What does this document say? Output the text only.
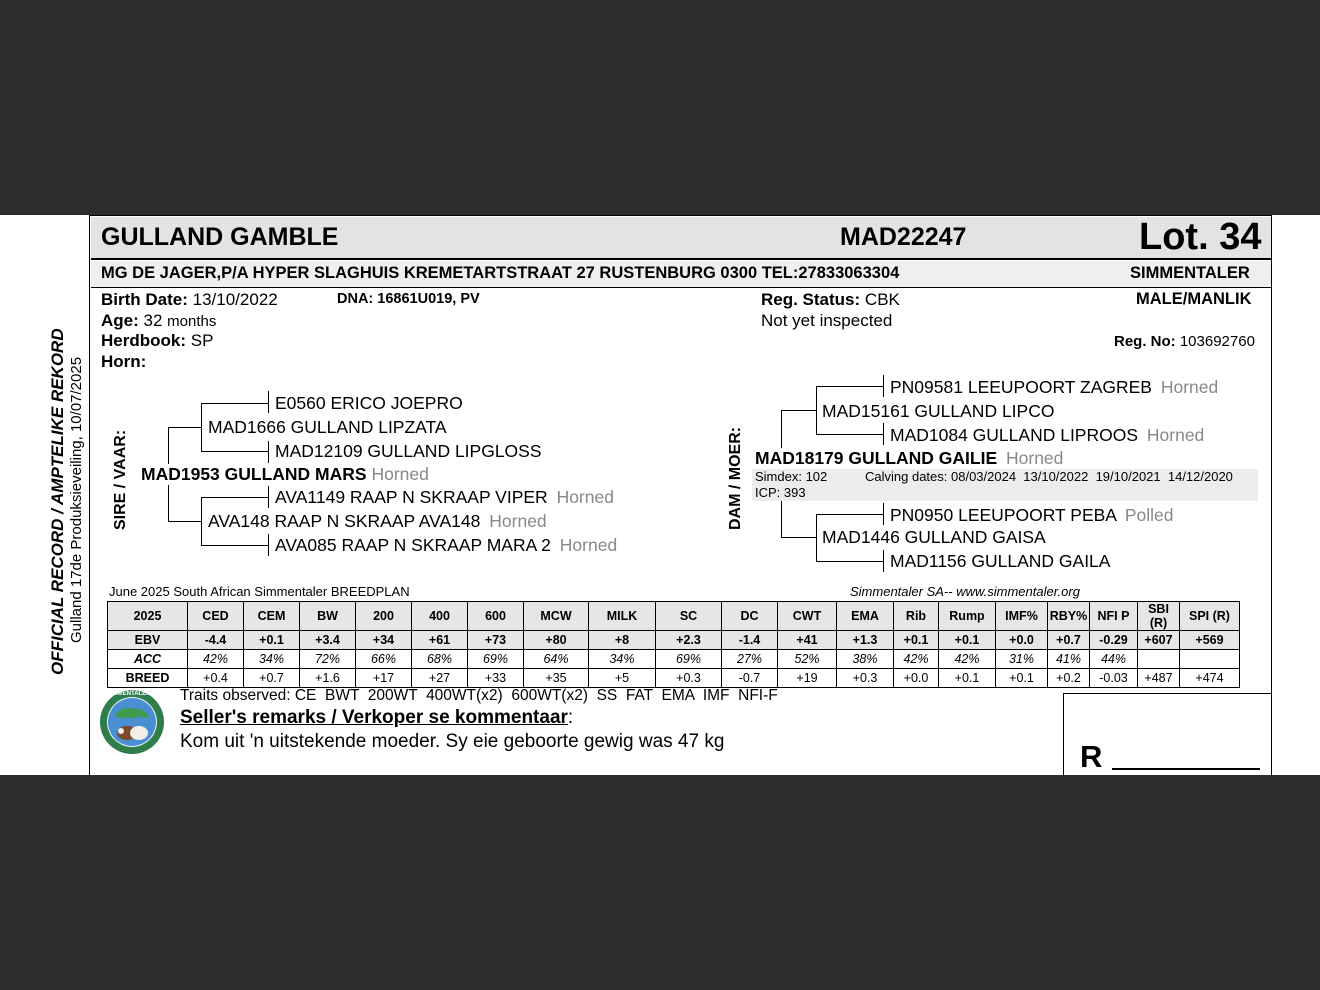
GULLAND GAMBLE	MAD22247	Lot. 34
MG DE JAGER,P/A HYPER SLAGHUIS KREMETARTSTRAAT 27 RUSTENBURG 0300 TEL:27833063304	SIMMENTALER
Birth Date: 13/10/2022	DNA: 16861U019, PV
Age: 32 months
Herdbook: SP
Horn:
Reg. Status: CBK
Not yet inspected
MALE/MANLIK
Reg. No: 103692760
OFFICIAL RECORD / AMPTELIKE REKORD Gulland 17de Produksieveiling, 10/07/2025 SIRE / VAAR:
E0560 ERICO JOEPRO
MAD1666 GULLAND LIPZATA
MAD12109 GULLAND LIPGLOSS
MAD1953 GULLAND MARS Horned
AVA1149 RAAP N SKRAAP VIPER Horned
AVA148 RAAP N SKRAAP AVA148 Horned
AVA085 RAAP N SKRAAP MARA 2 Horned
DAM / MOER:
PN09581 LEEUPOORT ZAGREB Horned
MAD15161 GULLAND LIPCO
MAD1084 GULLAND LIPROOS Horned
MAD18179 GULLAND GAILIE Horned
Simdex: 102
ICP: 393
Calving dates: 08/03/2024  13/10/2022  19/10/2021  14/12/2020
PN0950 LEEUPOORT PEBA Polled
MAD1446 GULLAND GAISA
MAD1156 GULLAND GAILA
June 2025 South African Simmentaler BREEDPLAN	Simmentaler SA-- www.simmentaler.org
2025	CED	CEM	BW	200	400	600	MCW	MILK	SC	DC	CWT	EMA	Rib	Rump	IMF%	RBY%	NFI P	SBI (R)	SPI (R)
EBV	-4.4	+0.1	+3.4	+34	+61	+73	+80	+8	+2.3	-1.4	+41	+1.3	+0.1	+0.1	+0.0	+0.7	-0.29	+607	+569
ACC	42%	34%	72%	66%	68%	69%	64%	34%	69%	27%	52%	38%	42%	42%	31%	41%	44%		
BREED	+0.4	+0.7	+1.6	+17	+27	+33	+35	+5	+0.3	-0.7	+19	+0.3	+0.0	+0.1	+0.1	+0.2	-0.03	+487	+474
SIMMENTALER Traits observed: CE  BWT  200WT  400WT(x2)  600WT(x2)  SS  FAT  EMA  IMF  NFI-F
Seller's remarks / Verkoper se kommentaar:
Kom uit 'n uitstekende moeder. Sy eie geboorte gewig was 47 kg	R
